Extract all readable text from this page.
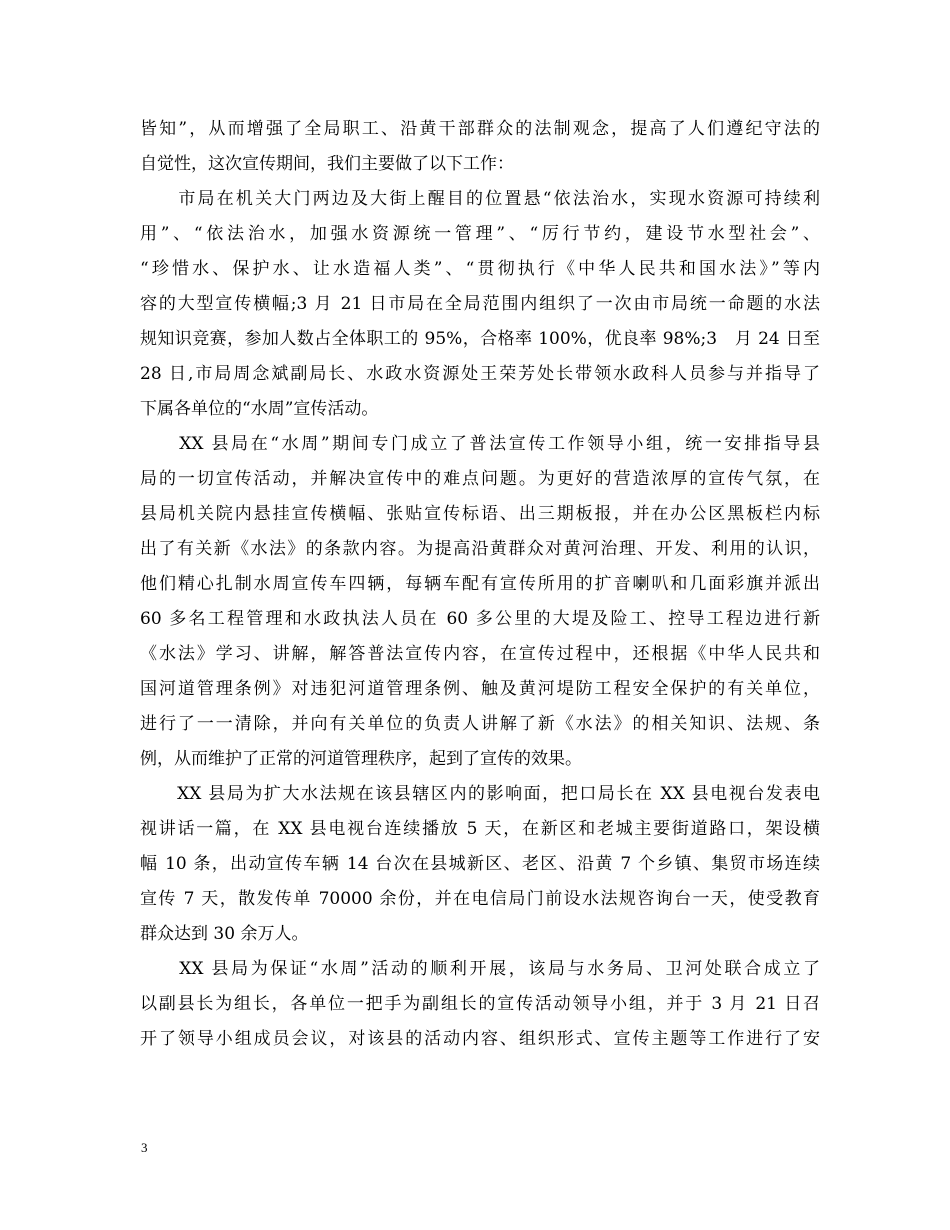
皆知”，从而增强了全局职工、沿黄干部群众的法制观念，提高了人们遵纪守法的
自觉性，这次宣传期间，我们主要做了以下工作：
　　市局在机关大门两边及大街上醒目的位置悬“依法治水，实现水资源可持续利
用”、“依法治水，加强水资源统一管理”、“厉行节约，建设节水型社会”、
“珍惜水、保护水、让水造福人类”、“贯彻执行《中华人民共和国水法》”等内
容的大型宣传横幅;3 月 21 日市局在全局范围内组织了一次由市局统一命题的水法
规知识竞赛，参加人数占全体职工的 95%，合格率 100%，优良率 98%;3　月 24 日至
28 日,市局周念斌副局长、水政水资源处王荣芳处长带领水政科人员参与并指导了
下属各单位的“水周”宣传活动。
　　XX 县局在“水周”期间专门成立了普法宣传工作领导小组，统一安排指导县
局的一切宣传活动，并解决宣传中的难点问题。为更好的营造浓厚的宣传气氛，在
县局机关院内悬挂宣传横幅、张贴宣传标语、出三期板报，并在办公区黑板栏内标
出了有关新《水法》的条款内容。为提高沿黄群众对黄河治理、开发、利用的认识，
他们精心扎制水周宣传车四辆，每辆车配有宣传所用的扩音喇叭和几面彩旗并派出
60 多名工程管理和水政执法人员在 60 多公里的大堤及险工、控导工程边进行新
《水法》学习、讲解，解答普法宣传内容，在宣传过程中，还根据《中华人民共和
国河道管理条例》对违犯河道管理条例、触及黄河堤防工程安全保护的有关单位，
进行了一一清除，并向有关单位的负责人讲解了新《水法》的相关知识、法规、条
例，从而维护了正常的河道管理秩序，起到了宣传的效果。
　　XX 县局为扩大水法规在该县辖区内的影响面，把口局长在 XX 县电视台发表电
视讲话一篇，在 XX 县电视台连续播放 5 天，在新区和老城主要街道路口，架设横
幅 10 条，出动宣传车辆 14 台次在县城新区、老区、沿黄 7 个乡镇、集贸市场连续
宣传 7 天，散发传单 70000 余份，并在电信局门前设水法规咨询台一天，使受教育
群众达到 30 余万人。
　　XX 县局为保证“水周”活动的顺利开展，该局与水务局、卫河处联合成立了
以副县长为组长，各单位一把手为副组长的宣传活动领导小组，并于 3 月 21 日召
开了领导小组成员会议，对该县的活动内容、组织形式、宣传主题等工作进行了安
3
